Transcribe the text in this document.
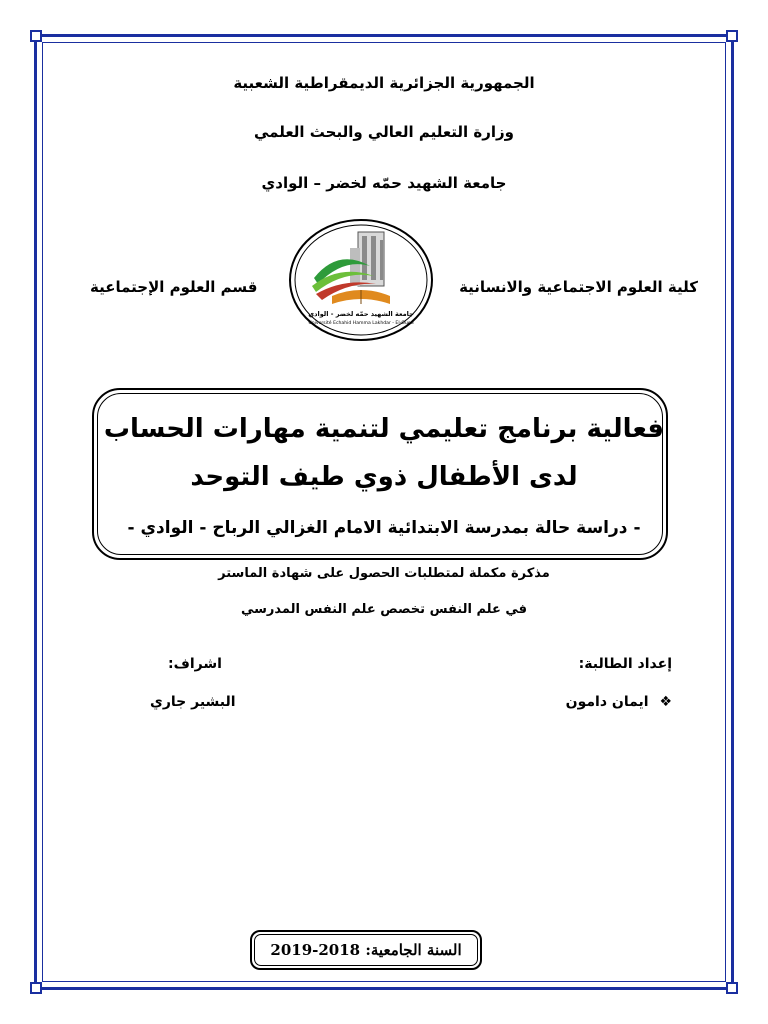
الجمهورية الجزائرية الديمقراطية الشعبية
وزارة التعليم العالي والبحث العلمي
جامعة الشهيد حمّه لخضر – الوادي
كلية العلوم الاجتماعية والانسانية
قسم العلوم الإجتماعية
جامعة الشهيد حمّه لخضر - الوادي
Université Echahid Hamma Lakhdar - El-Oued
فعالية برنامج تعليمي لتنمية مهارات الحساب
لدى الأطفال ذوي طيف التوحد
- دراسة حالة بمدرسة الابتدائية الامام الغزالي الرباح - الوادي -
مذكرة مكملة لمتطلبات الحصول على شهادة الماستر
في علم النفس تخصص علم النفس المدرسي
إعداد الطالبة:
❖ ايمان دامون
اشراف:
البشير جاري
السنة الجامعية: 2018-2019
